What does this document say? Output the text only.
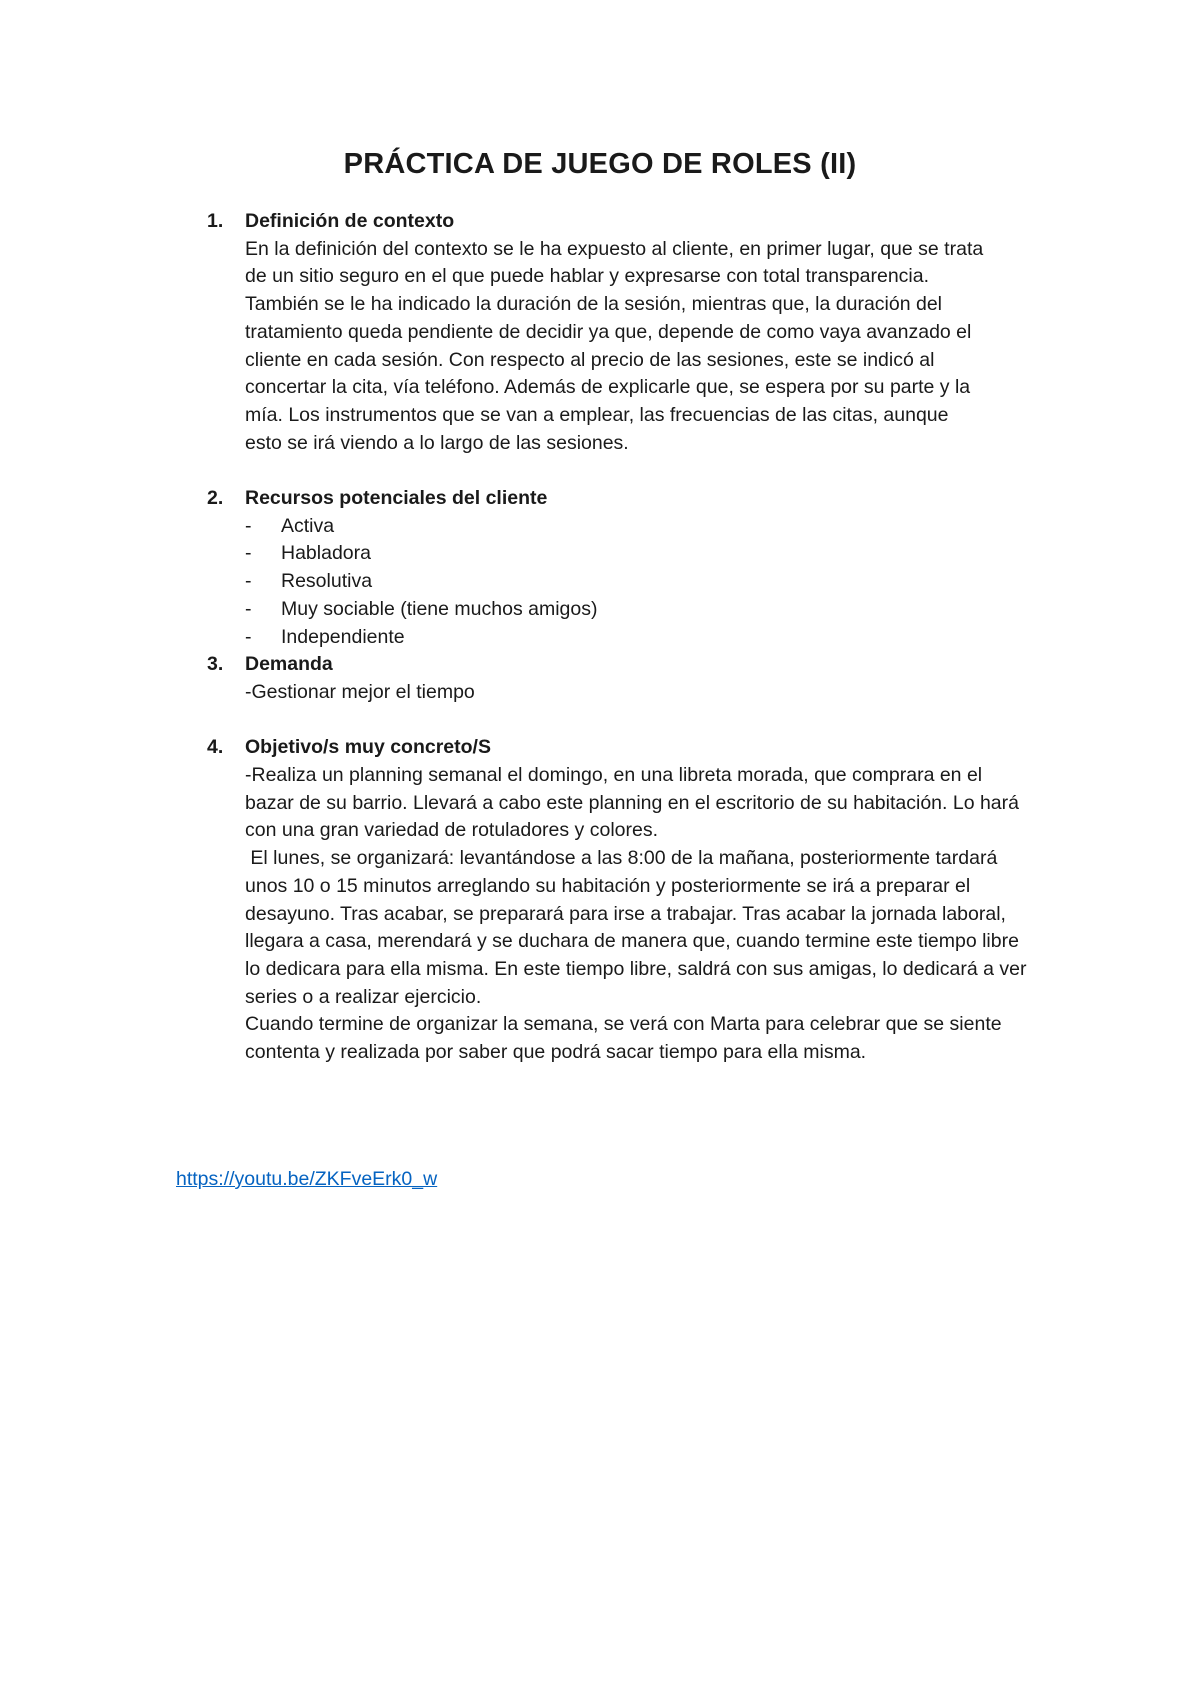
PRÁCTICA DE JUEGO DE ROLES (II)
1. Definición de contexto

En la definición del contexto se le ha expuesto al cliente, en primer lugar, que se trata de un sitio seguro en el que puede hablar y expresarse con total transparencia. También se le ha indicado la duración de la sesión, mientras que, la duración del tratamiento queda pendiente de decidir ya que, depende de como vaya avanzado el cliente en cada sesión. Con respecto al precio de las sesiones, este se indicó al concertar la cita, vía teléfono. Además de explicarle que, se espera por su parte y la mía. Los instrumentos que se van a emplear, las frecuencias de las citas, aunque esto se irá viendo a lo largo de las sesiones.

2. Recursos potenciales del cliente
- Activa
- Habladora
- Resolutiva
- Muy sociable (tiene muchos amigos)
- Independiente
3. Demanda

-Gestionar mejor el tiempo

4. Objetivo/s muy concreto/S

-Realiza un planning semanal el domingo, en una libreta morada, que comprara en el bazar de su barrio. Llevará a cabo este planning en el escritorio de su habitación. Lo hará con una gran variedad de rotuladores y colores.

El lunes, se organizará: levantándose a las 8:00 de la mañana, posteriormente tardará unos 10 o 15 minutos arreglando su habitación y posteriormente se irá a preparar el desayuno. Tras acabar, se preparará para irse a trabajar. Tras acabar la jornada laboral, llegara a casa, merendará y se duchara de manera que, cuando termine este tiempo libre lo dedicara para ella misma. En este tiempo libre, saldrá con sus amigas, lo dedicará a ver series o a realizar ejercicio.

Cuando termine de organizar la semana, se verá con Marta para celebrar que se siente contenta y realizada por saber que podrá sacar tiempo para ella misma.

https://youtu.be/ZKFveErk0_w
